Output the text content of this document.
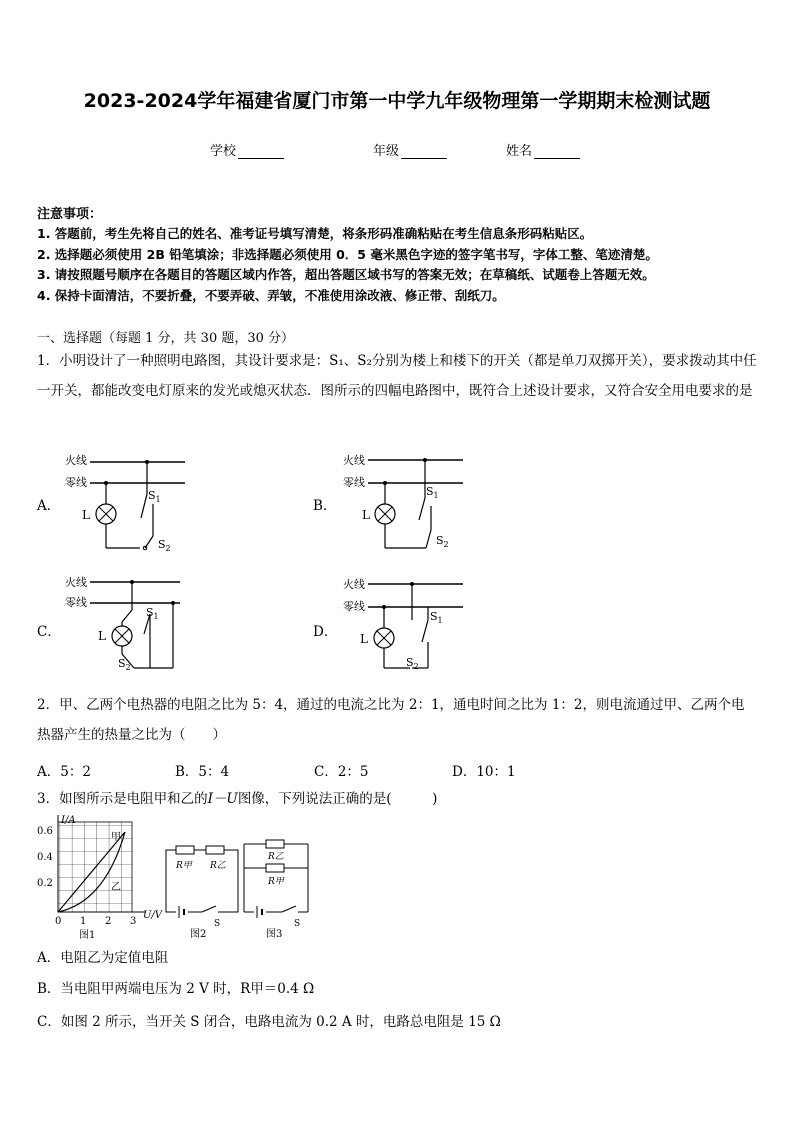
2023-2024学年福建省厦门市第一中学九年级物理第一学期期末检测试题
学校	年级	姓名
注意事项：
1. 答题前，考生先将自己的姓名、准考证号填写清楚，将条形码准确粘贴在考生信息条形码粘贴区。
2. 选择题必须使用 2B 铅笔填涂；非选择题必须使用 0．5 毫米黑色字迹的签字笔书写，字体工整、笔迹清楚。
3. 请按照题号顺序在各题目的答题区域内作答，超出答题区域书写的答案无效；在草稿纸、试题卷上答题无效。
4. 保持卡面清洁，不要折叠，不要弄破、弄皱，不准使用涂改液、修正带、刮纸刀。
一、选择题（每题 1 分，共 30 题，30 分）
1．小明设计了一种照明电路图，其设计要求是：S₁、S₂分别为楼上和楼下的开关（都是单刀双掷开关），要求拨动其中任一开关，都能改变电灯原来的发光或熄灭状态．图所示的四幅电路图中，既符合上述设计要求，又符合安全用电要求的是
A．	B．
C．	D．
火线
零线
L
$S_1$
$S_2$
火线
零线
L
$S_1$
$S_2$
火线
零线
L
$S_1$
$S_2$
火线
零线
L
$S_1$
$S_2$
2．甲、乙两个电热器的电阻之比为 5：4，通过的电流之比为 2：1，通电时间之比为 1：2，则电流通过甲、乙两个电热器产生的热量之比为（　　）
A．5：2	B．5：4	C．2：5	D．10：1
3．如图所示是电阻甲和乙的I－U图像，下列说法正确的是(　　　)
I/A
U/V
0.6
0.4
0.2
0 1 2 3
甲
乙
图1
R甲 R乙
S
图2
R乙
R甲
S
图3
A．电阻乙为定值电阻
B．当电阻甲两端电压为 2 V 时，R甲＝0.4 Ω
C．如图 2 所示，当开关 S 闭合，电路电流为 0.2 A 时，电路总电阻是 15 Ω
